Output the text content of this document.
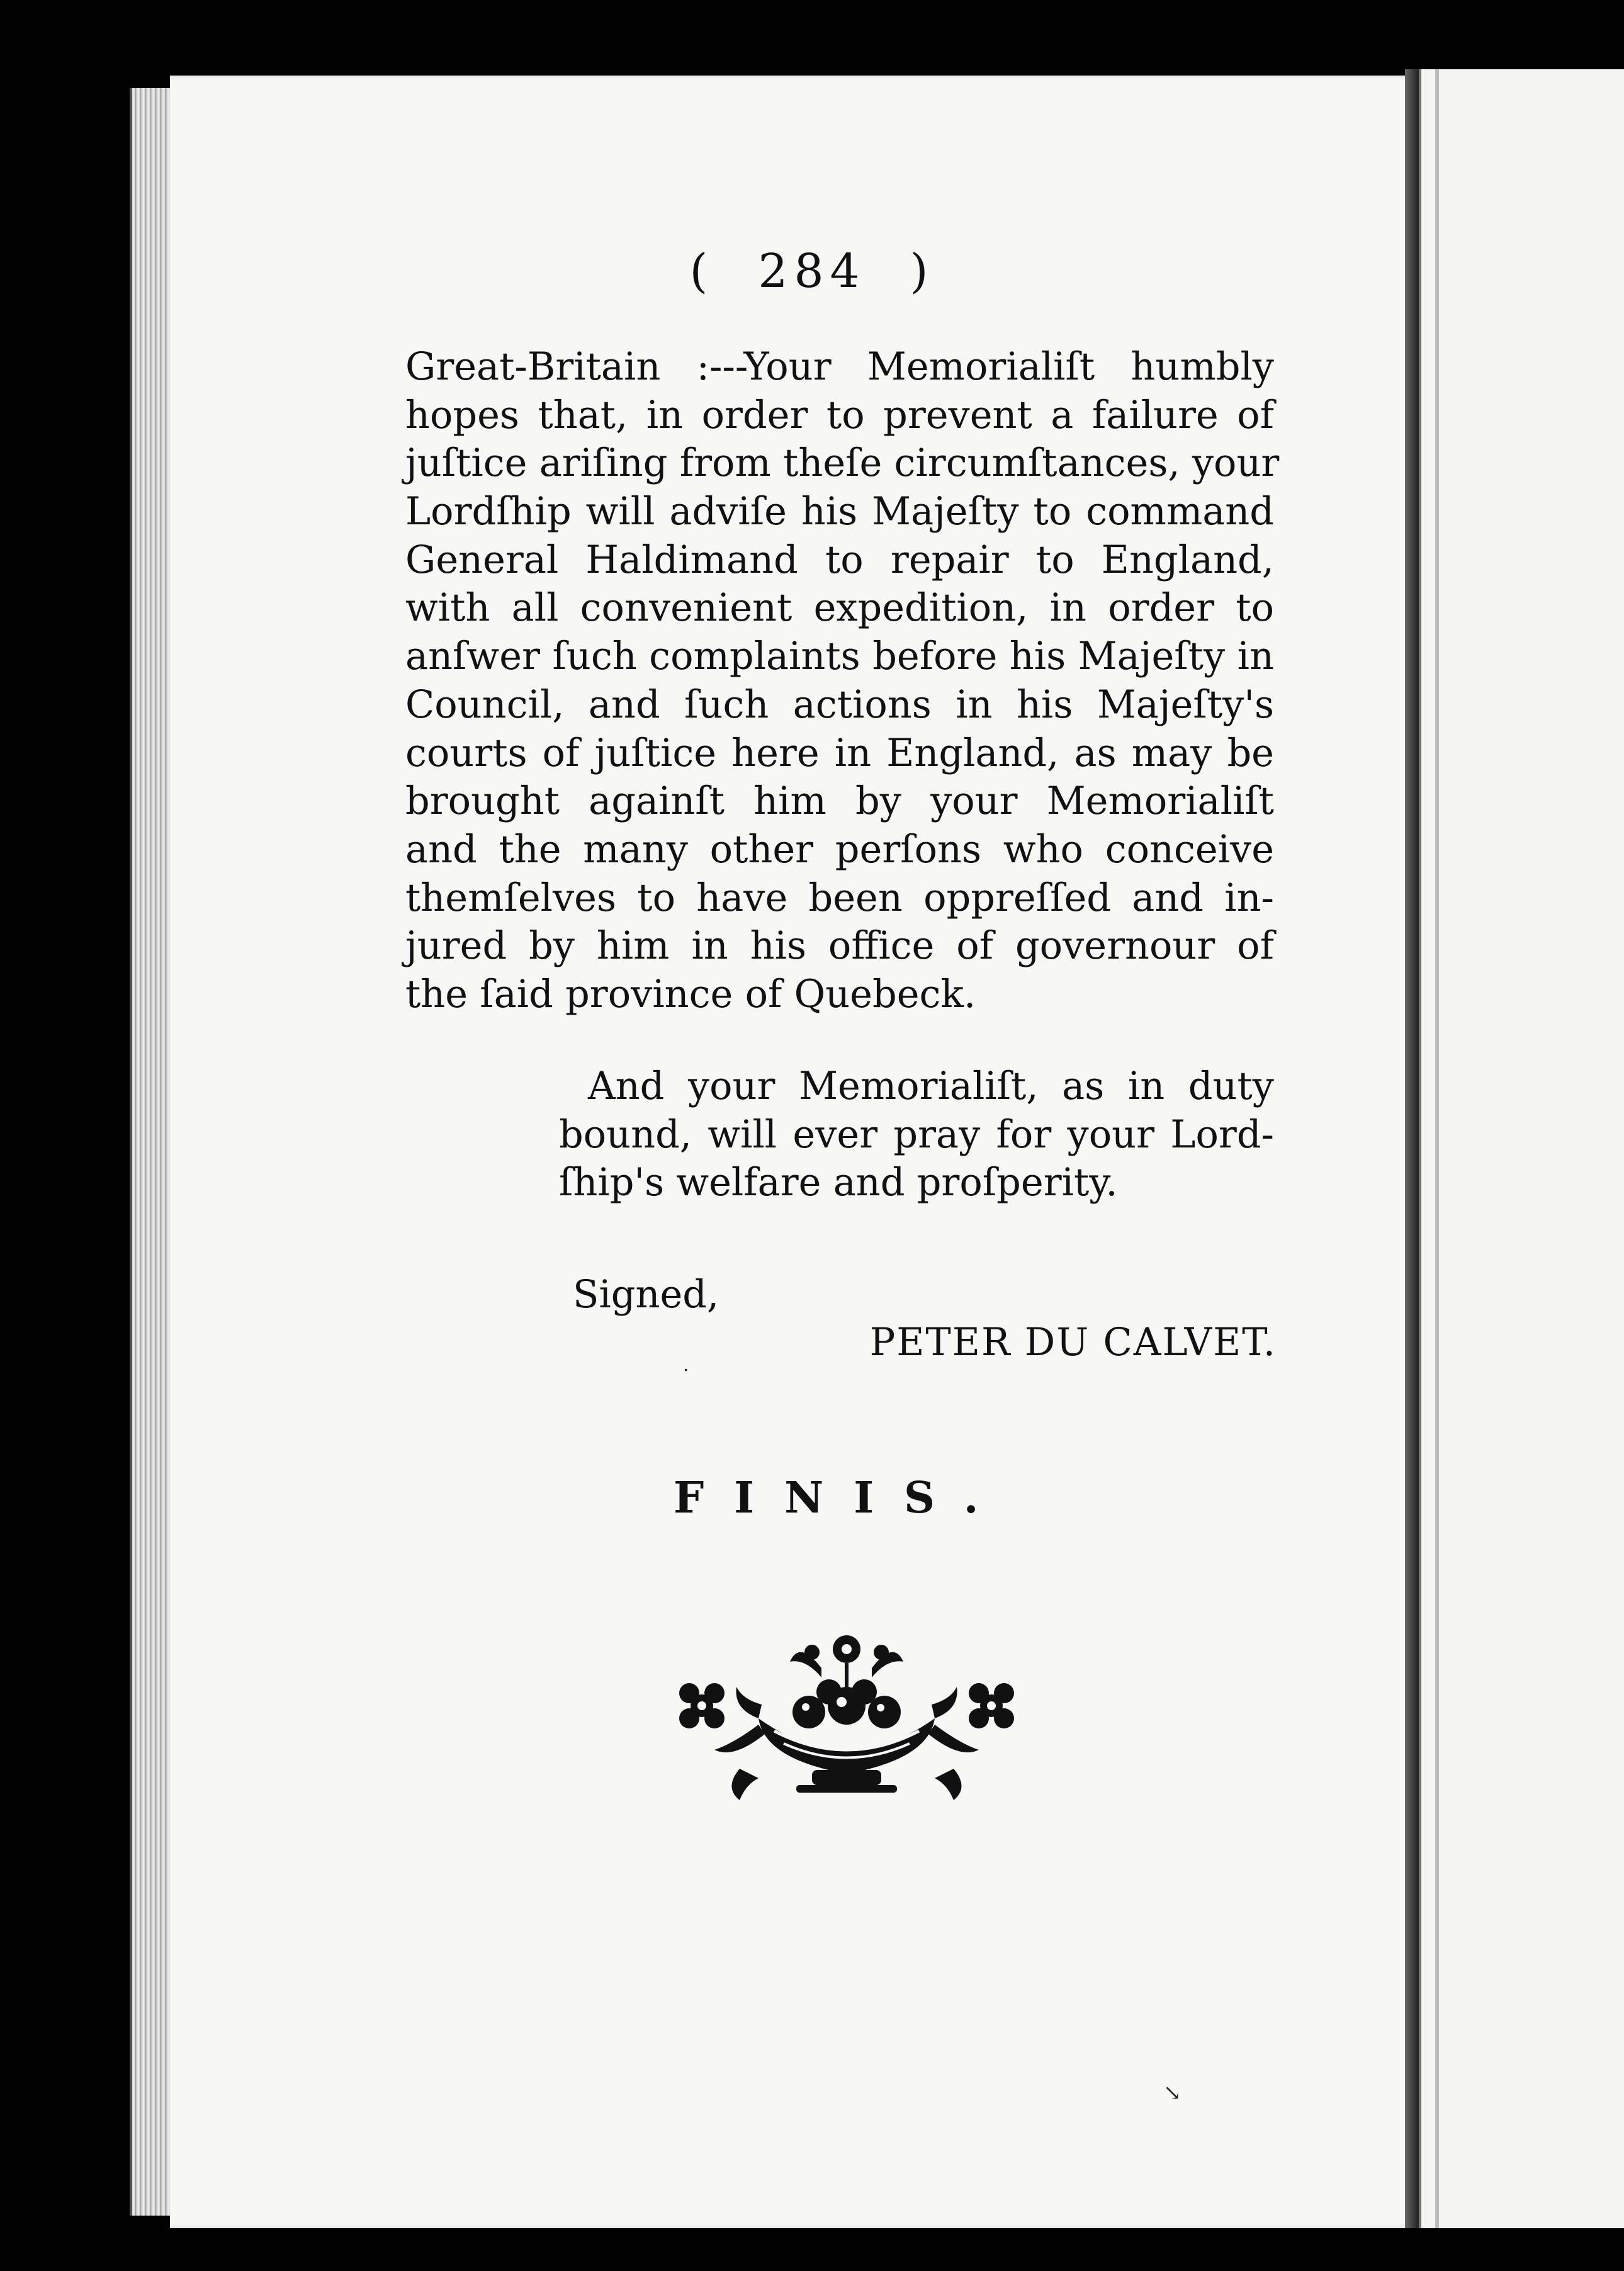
( 284 )
Great-Britain :---Your Memorialiſt humbly
hopes that, in order to prevent a failure of
juſtice ariſing from theſe circumſtances, your
Lordſhip will adviſe his Majeſty to command
General Haldimand to repair to England,
with all convenient expedition, in order to
anſwer ſuch complaints before his Majeſty in
Council, and ſuch actions in his Majeſty's
courts of juſtice here in England, as may be
brought againſt him by your Memorialiſt
and the many other perſons who conceive
themſelves to have been oppreſſed and in-
jured by him in his office of governour of
the ſaid province of Quebeck.
And your Memorialiſt, as in duty
bound, will ever pray for your Lord-
ſhip's welfare and proſperity.
Signed,
PETER DU CALVET.
FINIS.
·
↘
